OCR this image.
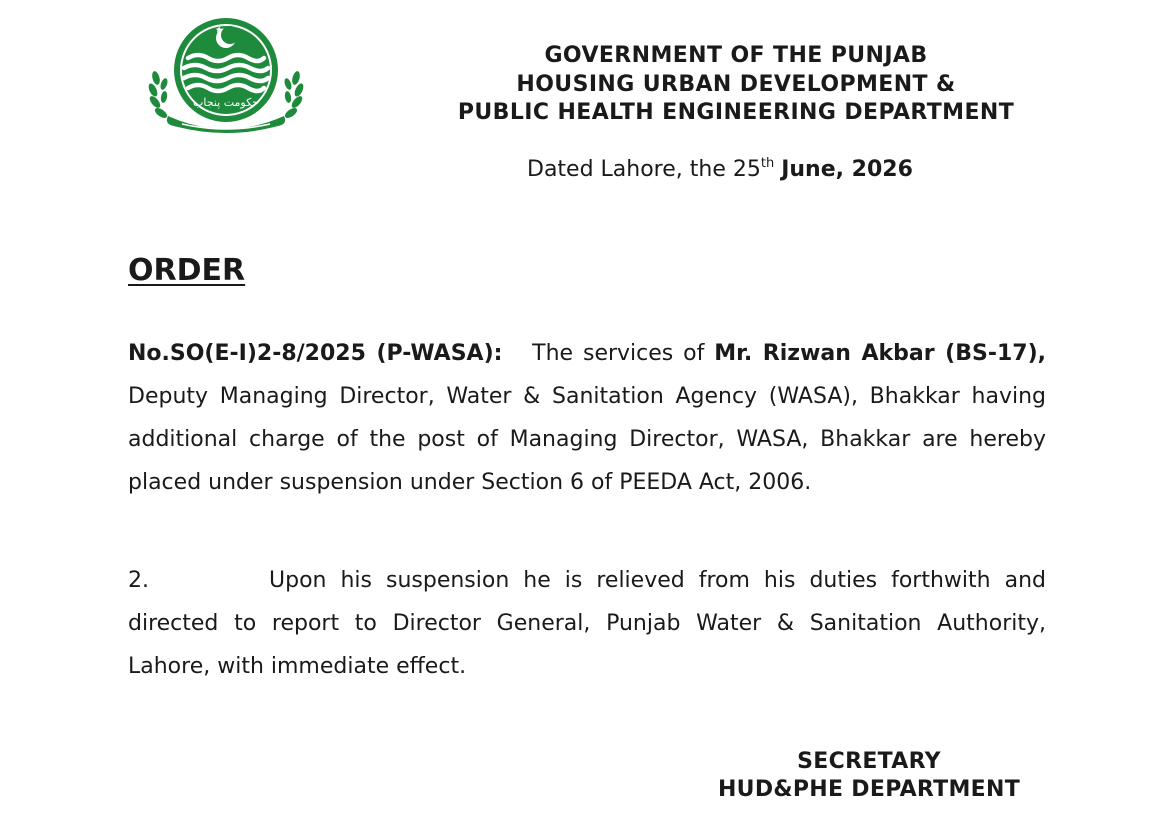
حکومت پنجاب
GOVERNMENT OF THE PUNJAB
HOUSING URBAN DEVELOPMENT &
PUBLIC HEALTH ENGINEERING DEPARTMENT
Dated Lahore, the 25th June, 2026
ORDER
No.SO(E-I)2-8/2025 (P-WASA): The services of Mr. Rizwan Akbar (BS-17), Deputy Managing Director, Water & Sanitation Agency (WASA), Bhakkar having additional charge of the post of Managing Director, WASA, Bhakkar are hereby placed under suspension under Section 6 of PEEDA Act, 2006.
2.	Upon his suspension he is relieved from his duties forthwith and directed to report to Director General, Punjab Water & Sanitation Authority, Lahore, with immediate effect.
SECRETARY
HUD&PHE DEPARTMENT
